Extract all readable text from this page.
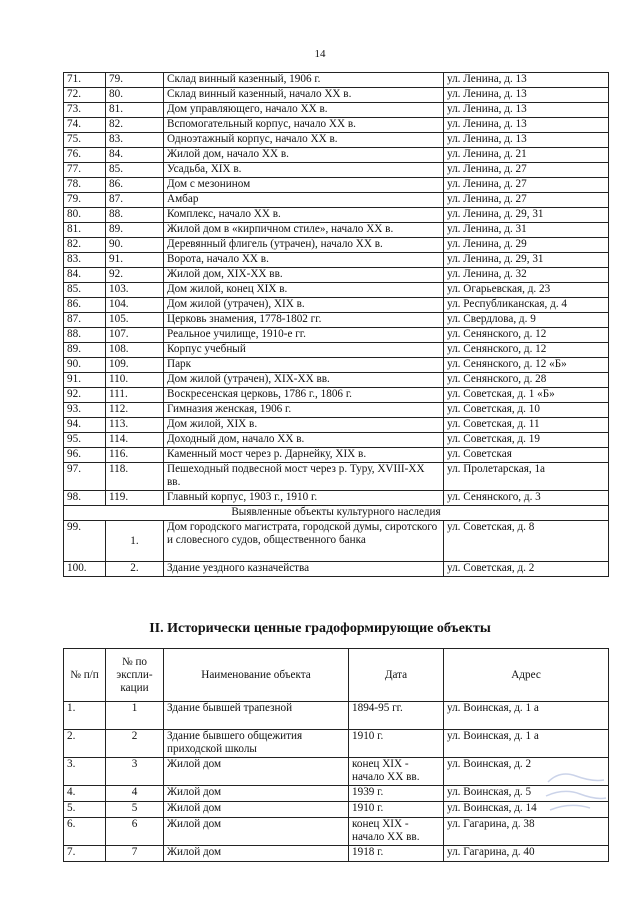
14
71.	79.	Склад винный казенный, 1906 г.	ул. Ленина, д. 13
72.	80.	Склад винный казенный, начало XX в.	ул. Ленина, д. 13
73.	81.	Дом управляющего, начало XX в.	ул. Ленина, д. 13
74.	82.	Вспомогательный корпус, начало XX в.	ул. Ленина, д. 13
75.	83.	Одноэтажный корпус, начало XX в.	ул. Ленина, д. 13
76.	84.	Жилой дом, начало XX в.	ул. Ленина, д. 21
77.	85.	Усадьба, XIX в.	ул. Ленина, д. 27
78.	86.	Дом с мезонином	ул. Ленина, д. 27
79.	87.	Амбар	ул. Ленина, д. 27
80.	88.	Комплекс, начало XX в.	ул. Ленина, д. 29, 31
81.	89.	Жилой дом в «кирпичном стиле», начало XX в.	ул. Ленина, д. 31
82.	90.	Деревянный флигель (утрачен), начало XX в.	ул. Ленина, д. 29
83.	91.	Ворота, начало XX в.	ул. Ленина, д. 29, 31
84.	92.	Жилой дом, XIX-XX вв.	ул. Ленина, д. 32
85.	103.	Дом жилой, конец XIX в.	ул. Огарьевская, д. 23
86.	104.	Дом жилой (утрачен), XIX в.	ул. Республиканская, д. 4
87.	105.	Церковь знамения, 1778-1802 гг.	ул. Свердлова, д. 9
88.	107.	Реальное училище, 1910-е гг.	ул. Сенянского, д. 12
89.	108.	Корпус учебный	ул. Сенянского, д. 12
90.	109.	Парк	ул. Сенянского, д. 12 «Б»
91.	110.	Дом жилой (утрачен), XIX-XX вв.	ул. Сенянского, д. 28
92.	111.	Воскресенская церковь, 1786 г., 1806 г.	ул. Советская, д. 1 «Б»
93.	112.	Гимназия женская, 1906 г.	ул. Советская, д. 10
94.	113.	Дом жилой, XIX в.	ул. Советская, д. 11
95.	114.	Доходный дом, начало XX в.	ул. Советская, д. 19
96.	116.	Каменный мост через р. Дарнейку, XIX в.	ул. Советская
97.	118.	Пешеходный подвесной мост через р. Туру, XVIII-XX вв.	ул. Пролетарская, 1а
98.	119.	Главный корпус, 1903 г., 1910 г.	ул. Сенянского, д. 3
Выявленные объекты культурного наследия			
99.	1.	Дом городского магистрата, городской думы, сиротского и словесного судов, общественного банка	ул. Советская, д. 8
100.	2.	Здание уездного казначейства	ул. Советская, д. 2
II. Исторически ценные градоформирующие объекты
№ п/п	№ по экспли-кации	Наименование объекта	Дата	Адрес
1.	1	Здание бывшей трапезной	1894-95 гг.	ул. Воинская, д. 1 а
2.	2	Здание бывшего общежития приходской школы	1910 г.	ул. Воинская, д. 1 а
3.	3	Жилой дом	конец XIX - начало XX вв.	ул. Воинская, д. 2
4.	4	Жилой дом	1939 г.	ул. Воинская, д. 5
5.	5	Жилой дом	1910 г.	ул. Воинская, д. 14
6.	6	Жилой дом	конец XIX - начало XX вв.	ул. Гагарина, д. 38
7.	7	Жилой дом	1918 г.	ул. Гагарина, д. 40
